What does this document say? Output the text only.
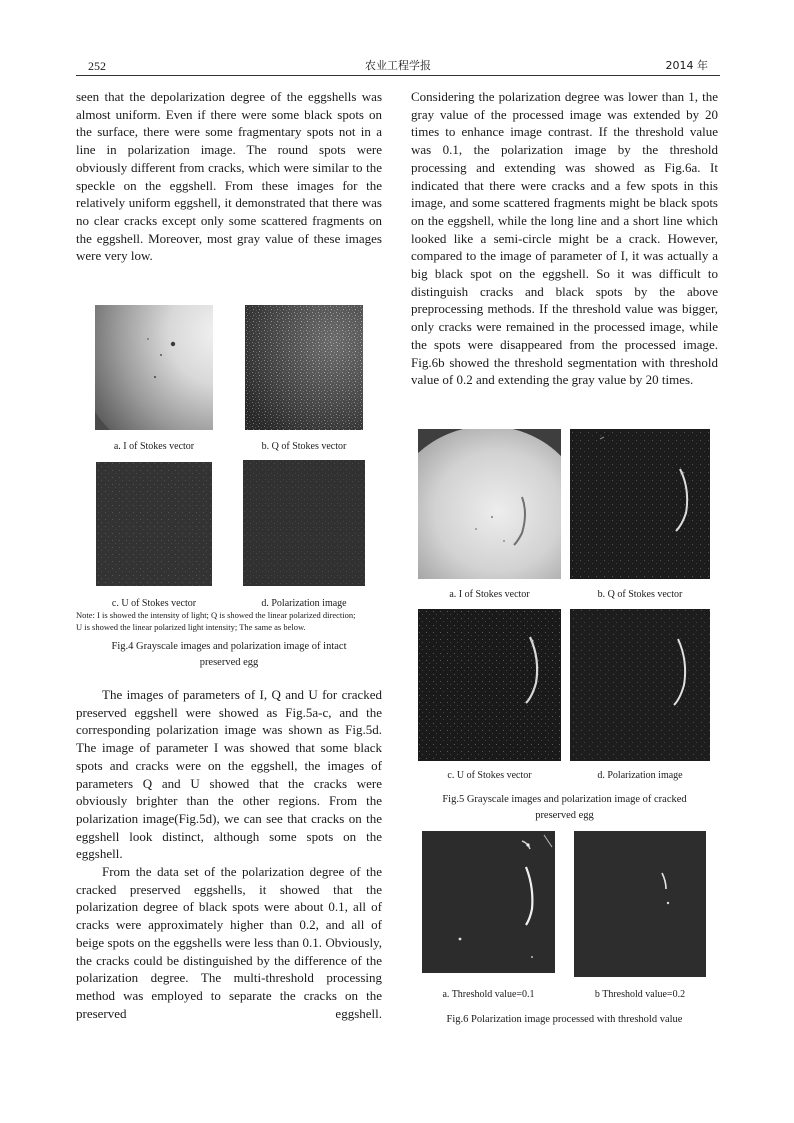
252	农业工程学报	2014 年

seen that the depolarization degree of the eggshells was almost uniform. Even if there were some black spots on the surface, there were some fragmentary spots not in a line in polarization image. The round spots were obviously different from cracks, which were similar to the speckle on the eggshell. From these images for the relatively uniform eggshell, it demonstrated that there was no clear cracks except only some scattered fragments on the eggshell. Moreover, most gray value of these images were very low.

a. I of Stokes vector	b. Q of Stokes vector
c. U of Stokes vector	d. Polarization image
Note: I is showed the intensity of light; Q is showed the linear polarized direction;
U is showed the linear polarized light intensity; The same as below.
Fig.4 Grayscale images and polarization image of intact
preserved egg

The images of parameters of I, Q and U for cracked preserved eggshell were showed as Fig.5a-c, and the corresponding polarization image was shown as Fig.5d. The image of parameter I was showed that some black spots and cracks were on the eggshell, the images of parameters Q and U showed that the cracks were obviously brighter than the other regions. From the polarization image(Fig.5d), we can see that cracks on the eggshell look distinct, although some spots on the eggshell.

From the data set of the polarization degree of the cracked preserved eggshells, it showed that the polarization degree of black spots were about 0.1, all of cracks were approximately higher than 0.2, and all of beige spots on the eggshells were less than 0.1. Obviously, the cracks could be distinguished by the difference of the polarization degree. The multi-threshold processing method was employed to separate the cracks on the preserved eggshell.

Considering the polarization degree was lower than 1, the gray value of the processed image was extended by 20 times to enhance image contrast. If the threshold value was 0.1, the polarization image by the threshold processing and extending was showed as Fig.6a. It indicated that there were cracks and a few spots in this image, and some scattered fragments might be black spots on the eggshell, while the long line and a short line which looked like a semi-circle might be a crack. However, compared to the image of parameter of I, it was actually a big black spot on the eggshell. So it was difficult to distinguish cracks and black spots by the above preprocessing methods. If the threshold value was bigger, only cracks were remained in the processed image, while the spots were disappeared from the processed image. Fig.6b showed the threshold segmentation with threshold value of 0.2 and extending the gray value by 20 times.

a. I of Stokes vector	b. Q of Stokes vector
c. U of Stokes vector	d. Polarization image
Fig.5 Grayscale images and polarization image of cracked
preserved egg
a. Threshold value=0.1	b Threshold value=0.2
Fig.6 Polarization image processed with threshold value
